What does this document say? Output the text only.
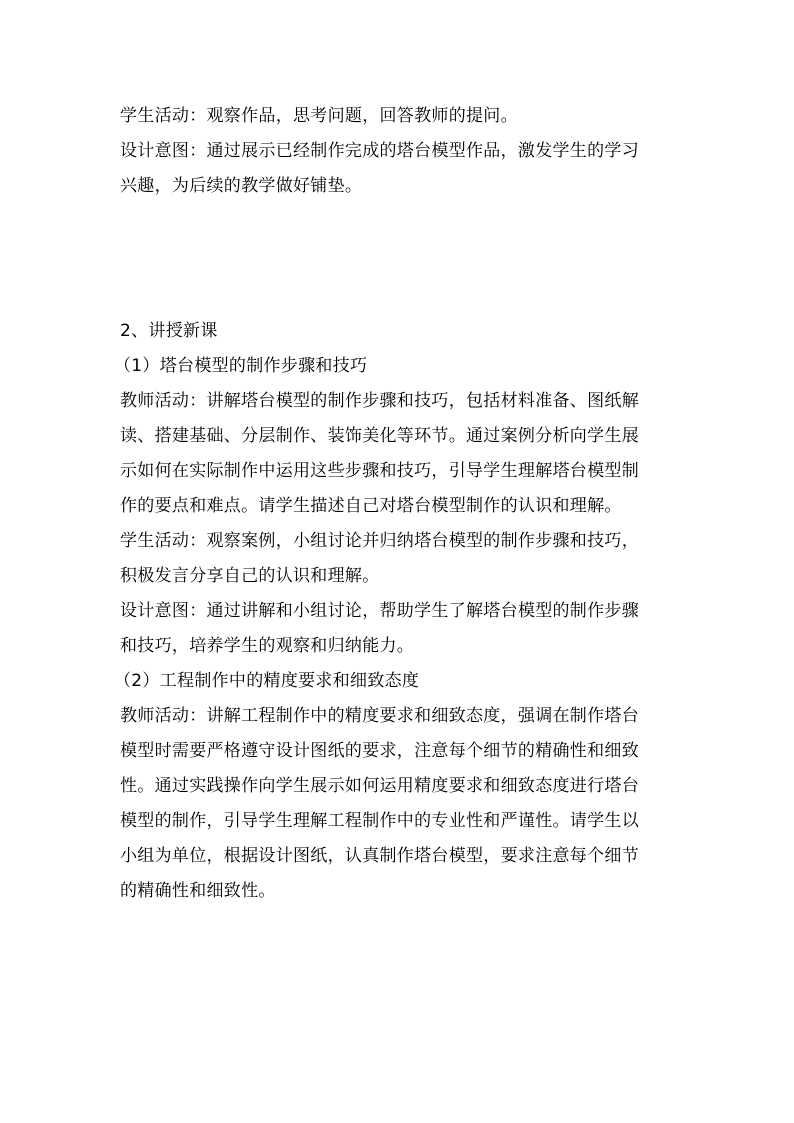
学生活动：观察作品，思考问题，回答教师的提问。
设计意图：通过展示已经制作完成的塔台模型作品，激发学生的学习
兴趣，为后续的教学做好铺垫。
2、讲授新课
（1）塔台模型的制作步骤和技巧
教师活动：讲解塔台模型的制作步骤和技巧，包括材料准备、图纸解
读、搭建基础、分层制作、装饰美化等环节。通过案例分析向学生展
示如何在实际制作中运用这些步骤和技巧，引导学生理解塔台模型制
作的要点和难点。请学生描述自己对塔台模型制作的认识和理解。
学生活动：观察案例，小组讨论并归纳塔台模型的制作步骤和技巧，
积极发言分享自己的认识和理解。
设计意图：通过讲解和小组讨论，帮助学生了解塔台模型的制作步骤
和技巧，培养学生的观察和归纳能力。
（2）工程制作中的精度要求和细致态度
教师活动：讲解工程制作中的精度要求和细致态度，强调在制作塔台
模型时需要严格遵守设计图纸的要求，注意每个细节的精确性和细致
性。通过实践操作向学生展示如何运用精度要求和细致态度进行塔台
模型的制作，引导学生理解工程制作中的专业性和严谨性。请学生以
小组为单位，根据设计图纸，认真制作塔台模型，要求注意每个细节
的精确性和细致性。
